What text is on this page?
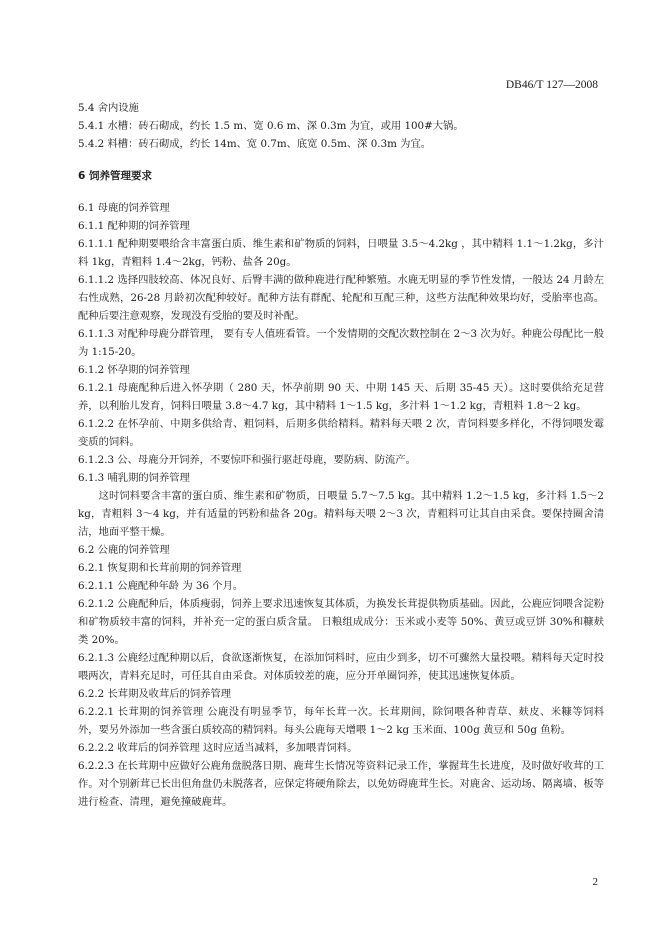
DB46/T 127—2008

5.4 舍内设施

5.4.1 水槽：砖石砌成，约长 1.5 m、宽 0.6 m、深 0.3m 为宜，或用 100#大锅。

5.4.2 料槽：砖石砌成，约长 14m、宽 0.7m、底宽 0.5m、深 0.3m 为宜。

6 饲养管理要求

6.1 母鹿的饲养管理

6.1.1 配种期的饲养管理

6.1.1.1 配种期要喂给含丰富蛋白质、维生素和矿物质的饲料，日喂量 3.5～4.2kg ，其中精料 1.1～1.2kg，多汁料 1kg，青粗料 1.4～2kg，钙粉、盐各 20g。

6.1.1.2 选择四肢较高、体况良好、后臀丰满的做种鹿进行配种繁殖。水鹿无明显的季节性发情，一般达 24 月龄左右性成熟，26-28 月龄初次配种较好。配种方法有群配、轮配和互配三种，这些方法配种效果均好，受胎率也高。配种后要注意观察，发现没有受胎的要及时补配。

6.1.1.3 对配种母鹿分群管理， 要有专人值班看管。一个发情期的交配次数控制在 2～3 次为好。种鹿公母配比一般为 1:15-20。

6.1.2 怀孕期的饲养管理

6.1.2.1 母鹿配种后进入怀孕期（ 280 天，怀孕前期 90 天、中期 145 天、后期 35-45 天）。这时要供给充足营养，以利胎儿发育，饲料日喂量 3.8～4.7 kg，其中精料 1～1.5 kg，多汁料 1～1.2 kg，青粗料 1.8～2 kg。

6.1.2.2 在怀孕前、中期多供给青、粗饲料，后期多供给精料。精料每天喂 2 次，青饲料要多样化，不得饲喂发霉变质的饲料。

6.1.2.3 公、母鹿分开饲养，不要惊吓和强行驱赶母鹿，要防病、防流产。

6.1.3 哺乳期的饲养管理

这时饲料要含丰富的蛋白质、维生素和矿物质，日喂量 5.7～7.5 kg。其中精料 1.2～1.5 kg，多汁料 1.5～2 kg，青粗料 3～4 kg，并有适量的钙粉和盐各 20g。精料每天喂 2～3 次，青粗料可让其自由采食。要保持圈舍清洁，地面平整干燥。

6.2 公鹿的饲养管理

6.2.1 恢复期和长茸前期的饲养管理

6.2.1.1 公鹿配种年龄 为 36 个月。

6.2.1.2 公鹿配种后，体质瘦弱，饲养上要求迅速恢复其体质，为换发长茸提供物质基础。因此，公鹿应饲喂含淀粉和矿物质较丰富的饲料，并补充一定的蛋白质含量。 日粮组成成分：玉米或小麦等 50%、黄豆或豆饼 30%和糠麸类 20%。

6.2.1.3 公鹿经过配种期以后，食欲逐渐恢复，在添加饲料时，应由少到多，切不可骤然大量投喂。精料每天定时投喂两次，青料充足时，可任其自由采食。对体质较差的鹿，应分开单圈饲养，使其迅速恢复体质。

6.2.2 长茸期及收茸后的饲养管理

6.2.2.1 长茸期的饲养管理 公鹿没有明显季节，每年长茸一次。长茸期间，除饲喂各种青草、麸皮、米糠等饲料外，要另外添加一些含蛋白质较高的精饲料。每头公鹿每天增喂 1～2 kg 玉米面、100g 黄豆和 50g 鱼粉。

6.2.2.2 收茸后的饲养管理 这时应适当减料，多加喂青饲料。

6.2.2.3 在长茸期中应做好公鹿角盘脱落日期、鹿茸生长情况等资料记录工作，掌握茸生长进度，及时做好收茸的工作。对个别新茸已长出但角盘仍未脱落者，应保定将硬角除去，以免妨碍鹿茸生长。对鹿舍、运动场、隔离墙、板等进行检查、清理，避免撞破鹿茸。

2
